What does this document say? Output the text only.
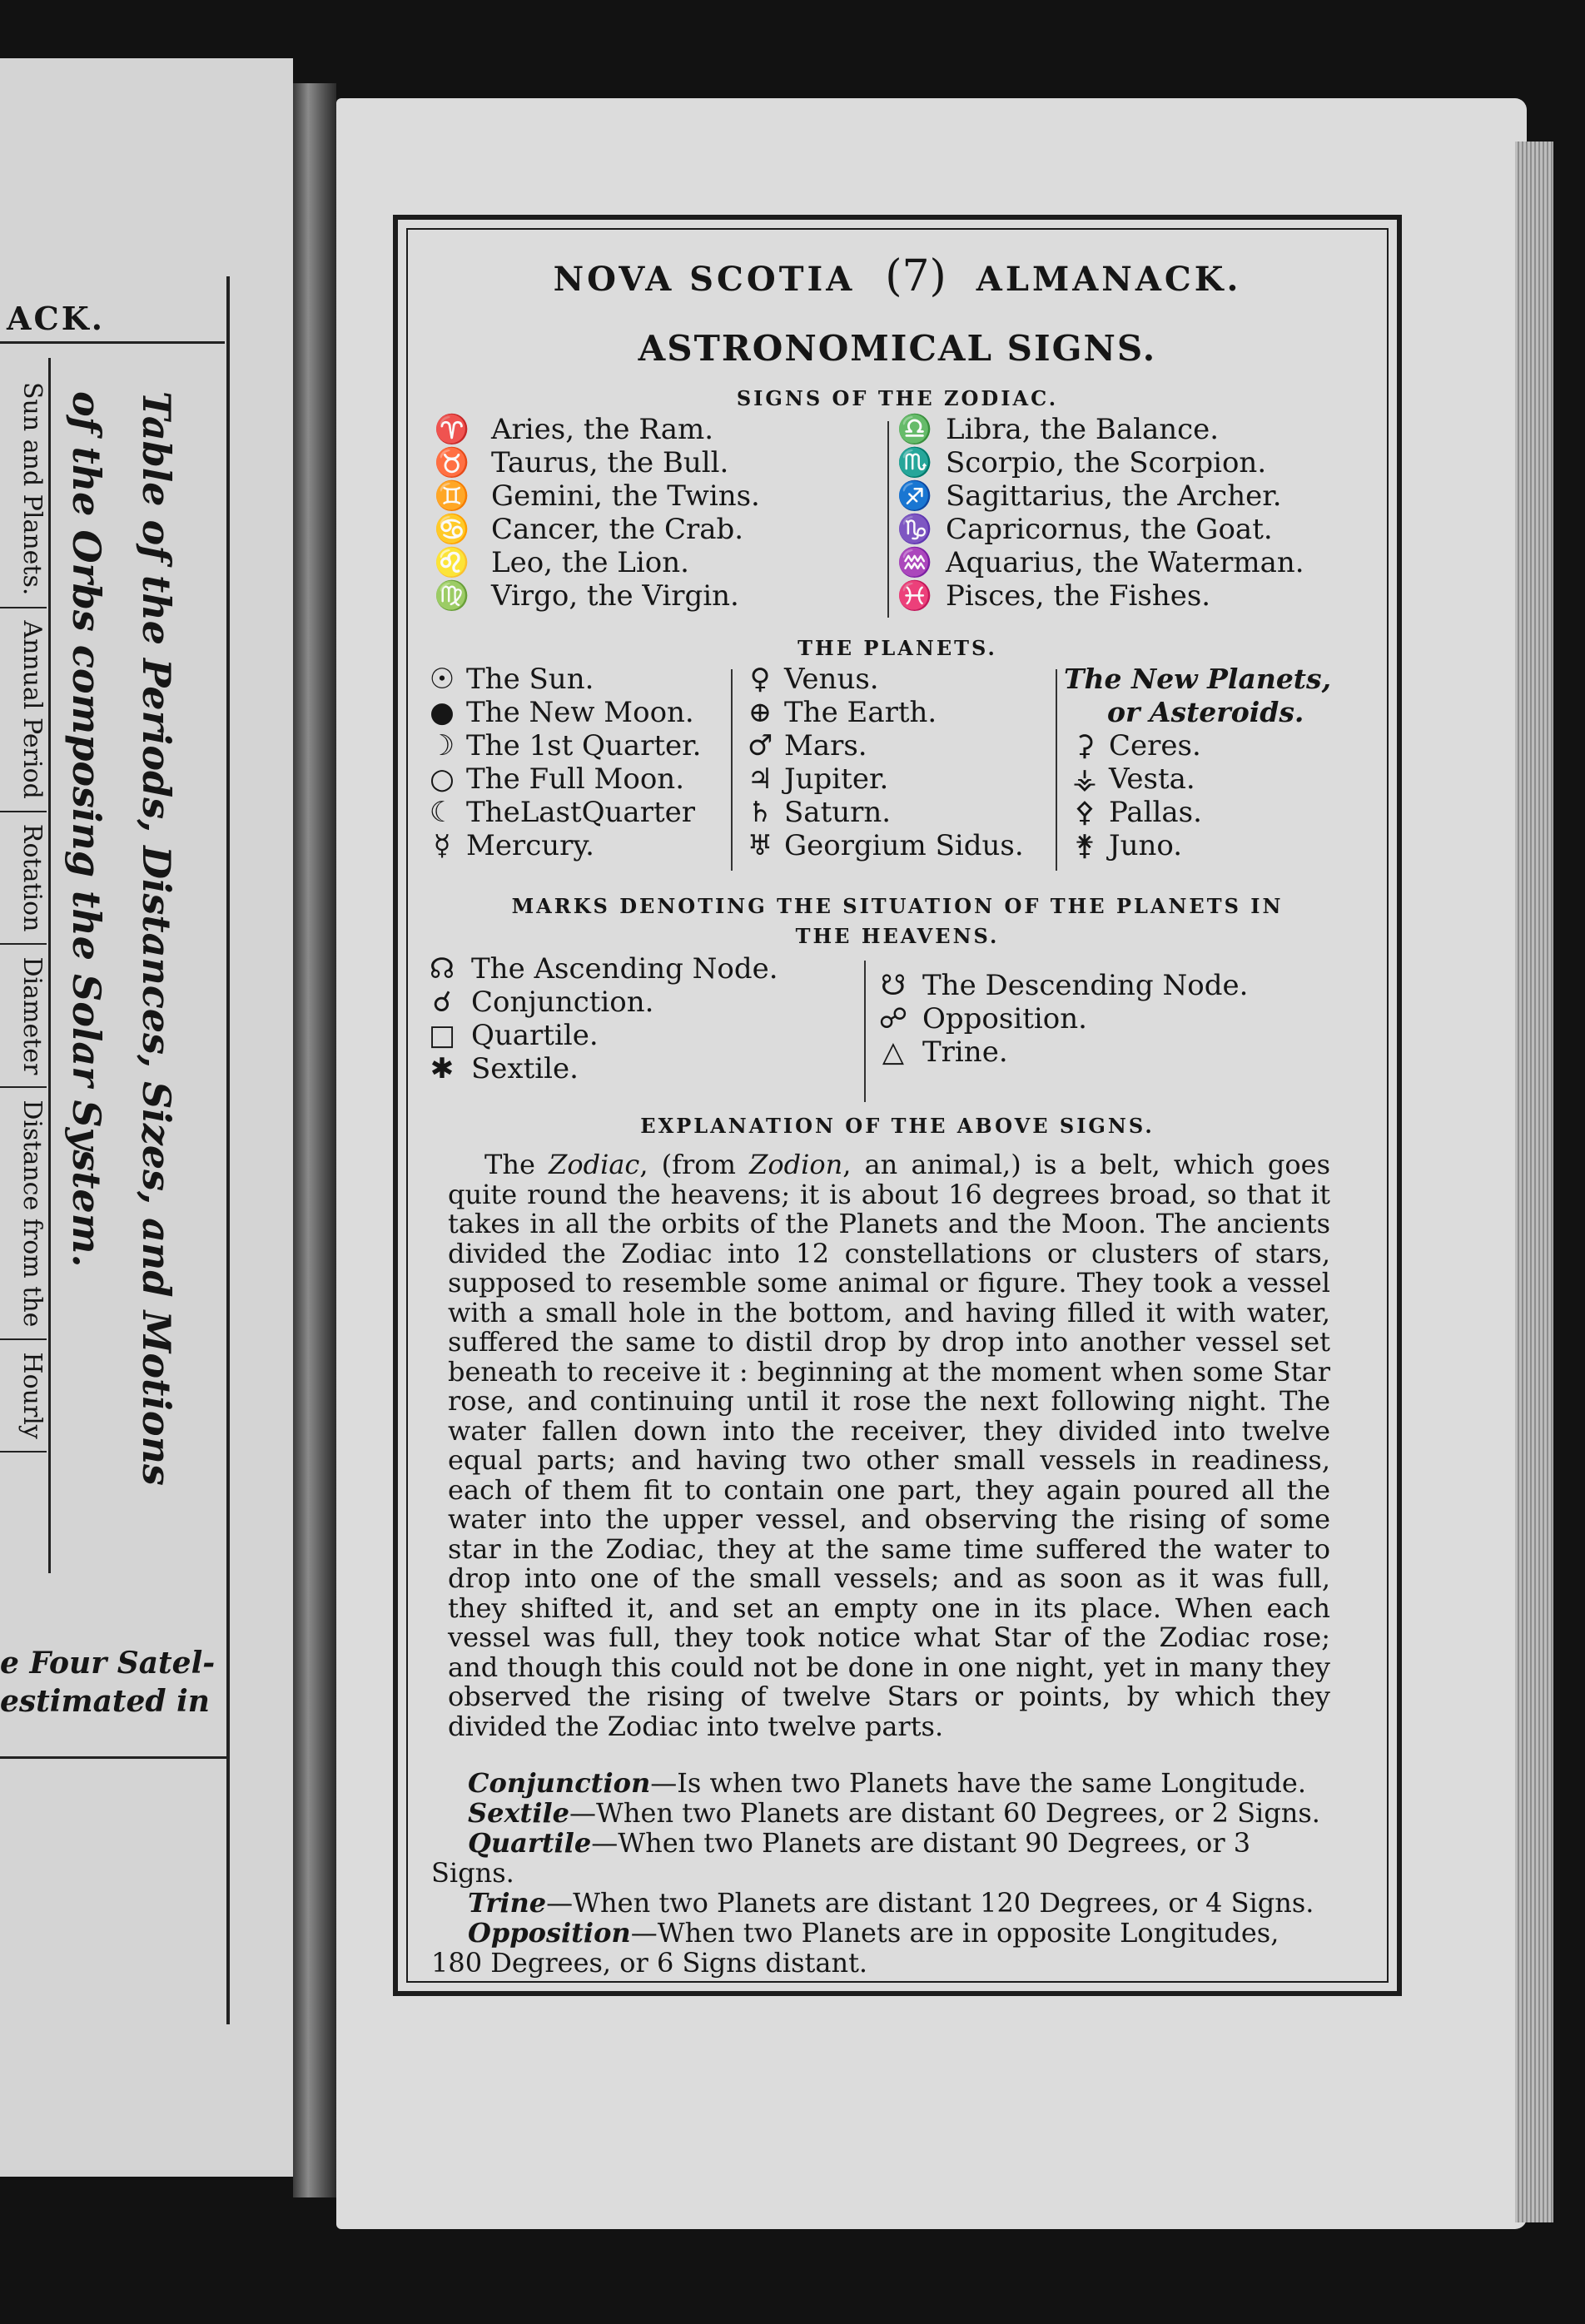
ACK.
Sun and Planets.
Annual Period
Rotation
Diameter
Distance from the
Hourly	Table of the Periods, Distances, Sizes, and Motions of the Orbs composing the Solar System.
e Four Satel-
estimated in
NOVA SCOTIA (7) ALMANACK.
ASTRONOMICAL SIGNS.
SIGNS OF THE ZODIAC.
♈ Aries, the Ram.
♉ Taurus, the Bull.
♊ Gemini, the Twins.
♋ Cancer, the Crab.
♌ Leo, the Lion.
♍ Virgo, the Virgin.
♎ Libra, the Balance.
♏ Scorpio, the Scorpion.
♐ Sagittarius, the Archer.
♑ Capricornus, the Goat.
♒ Aquarius, the Waterman.
♓ Pisces, the Fishes.
THE PLANETS.
☉ The Sun.
● The New Moon.
☽ The 1st Quarter.
○ The Full Moon.
☾ TheLastQuarter
☿ Mercury.
♀ Venus.
⊕ The Earth.
♂ Mars.
♃ Jupiter.
♄ Saturn.
♅ Georgium Sidus.
The New Planets,
or Asteroids.
⚳ Ceres.
⚶ Vesta.
⚴ Pallas.
⚵ Juno.
MARKS DENOTING THE SITUATION OF THE PLANETS IN
THE HEAVENS.
☊ The Ascending Node.
☌ Conjunction.
□ Quartile.
✱ Sextile.
☋ The Descending Node.
☍ Opposition.
△ Trine.
EXPLANATION OF THE ABOVE SIGNS.

The Zodiac, (from Zodion, an animal,) is a belt, which goes quite round the heavens; it is about 16 degrees broad, so that it takes in all the orbits of the Planets and the Moon. The ancients divided the Zodiac into 12 constellations or clusters of stars, supposed to resemble some animal or figure. They took a vessel with a small hole in the bottom, and having filled it with water, suffered the same to distil drop by drop into another vessel set beneath to receive it : beginning at the moment when some Star rose, and continuing until it rose the next following night. The water fallen down into the receiver, they divided into twelve equal parts; and having two other small vessels in readiness, each of them fit to contain one part, they again poured all the water into the upper vessel, and observing the rising of some star in the Zodiac, they at the same time suffered the water to drop into one of the small vessels; and as soon as it was full, they shifted it, and set an empty one in its place. When each vessel was full, they took notice what Star of the Zodiac rose; and though this could not be done in one night, yet in many they observed the rising of twelve Stars or points, by which they divided the Zodiac into twelve parts.

Conjunction—Is when two Planets have the same Longitude.
Sextile—When two Planets are distant 60 Degrees, or 2 Signs.
Quartile—When two Planets are distant 90 Degrees, or 3 Signs.
Trine—When two Planets are distant 120 Degrees, or 4 Signs.
Opposition—When two Planets are in opposite Longitudes, 180 Degrees, or 6 Signs distant.
